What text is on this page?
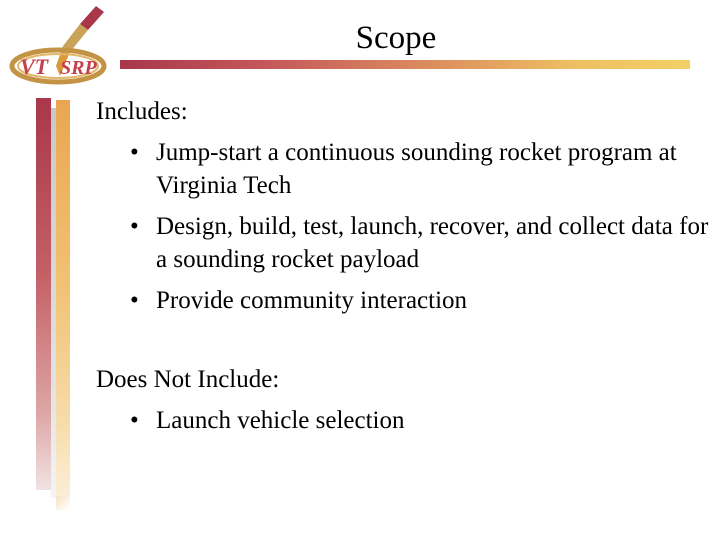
VT SRP
Scope
Includes:
• Jump-start a continuous sounding rocket program at Virginia Tech
• Design, build, test, launch, recover, and collect data for a sounding rocket payload
• Provide community interaction
Does Not Include:
• Launch vehicle selection
